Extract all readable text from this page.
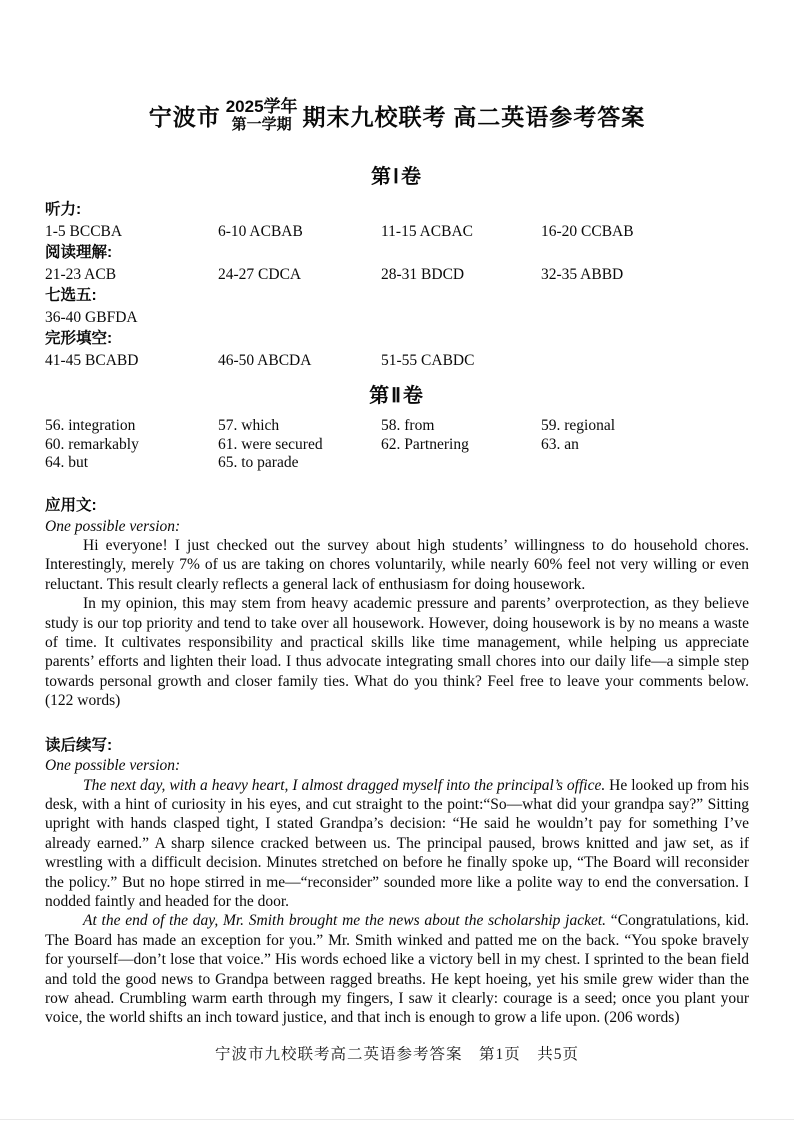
宁波市 2025学年
第一学期 期末九校联考 高二英语参考答案
第Ⅰ卷
听力:
1-5 BCCBA	6-10 ACBAB	11-15 ACBAC	16-20 CCBAB
阅读理解:
21-23 ACB	24-27 CDCA	28-31 BDCD	32-35 ABBD
七选五:
36-40 GBFDA
完形填空:
41-45 BCABD	46-50 ABCDA	51-55 CABDC
第Ⅱ卷
56. integration	57. which	58. from	59. regional
60. remarkably	61. were secured	62. Partnering	63. an
64. but	65. to parade
应用文:
One possible version:

Hi everyone! I just checked out the survey about high students’ willingness to do household chores. Interestingly, merely 7% of us are taking on chores voluntarily, while nearly 60% feel not very willing or even reluctant. This result clearly reflects a general lack of enthusiasm for doing housework.

In my opinion, this may stem from heavy academic pressure and parents’ overprotection, as they believe study is our top priority and tend to take over all housework. However, doing housework is by no means a waste of time. It cultivates responsibility and practical skills like time management, while helping us appreciate parents’ efforts and lighten their load. I thus advocate integrating small chores into our daily life—a simple step towards personal growth and closer family ties. What do you think? Feel free to leave your comments below. (122 words)

读后续写:
One possible version:

The next day, with a heavy heart, I almost dragged myself into the principal’s office. He looked up from his desk, with a hint of curiosity in his eyes, and cut straight to the point:“So—what did your grandpa say?” Sitting upright with hands clasped tight, I stated Grandpa’s decision: “He said he wouldn’t pay for something I’ve already earned.” A sharp silence cracked between us. The principal paused, brows knitted and jaw set, as if wrestling with a difficult decision. Minutes stretched on before he finally spoke up, “The Board will reconsider the policy.” But no hope stirred in me—“reconsider” sounded more like a polite way to end the conversation. I nodded faintly and headed for the door.

At the end of the day, Mr. Smith brought me the news about the scholarship jacket. “Congratulations, kid. The Board has made an exception for you.” Mr. Smith winked and patted me on the back. “You spoke bravely for yourself—don’t lose that voice.” His words echoed like a victory bell in my chest. I sprinted to the bean field and told the good news to Grandpa between ragged breaths. He kept hoeing, yet his smile grew wider than the row ahead. Crumbling warm earth through my fingers, I saw it clearly: courage is a seed; once you plant your voice, the world shifts an inch toward justice, and that inch is enough to grow a life upon. (206 words)

宁波市九校联考高二英语参考答案　第1页　共5页
